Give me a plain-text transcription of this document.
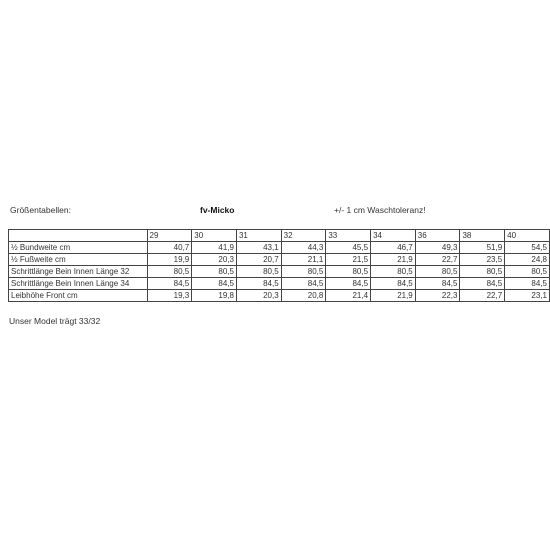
Größentabellen:	fv-Micko	+/- 1 cm Waschtoleranz!
	29	30	31	32	33	34	36	38	40
½ Bundweite cm	40,7	41,9	43,1	44,3	45,5	46,7	49,3	51,9	54,5
½ Fußweite cm	19,9	20,3	20,7	21,1	21,5	21,9	22,7	23,5	24,8
Schrittlänge Bein Innen Länge 32	80,5	80,5	80,5	80,5	80,5	80,5	80,5	80,5	80,5
Schrittlänge Bein Innen Länge 34	84,5	84,5	84,5	84,5	84,5	84,5	84,5	84,5	84,5
Leibhöhe Front cm	19,3	19,8	20,3	20,8	21,4	21,9	22,3	22,7	23,1
Unser Model trägt 33/32
